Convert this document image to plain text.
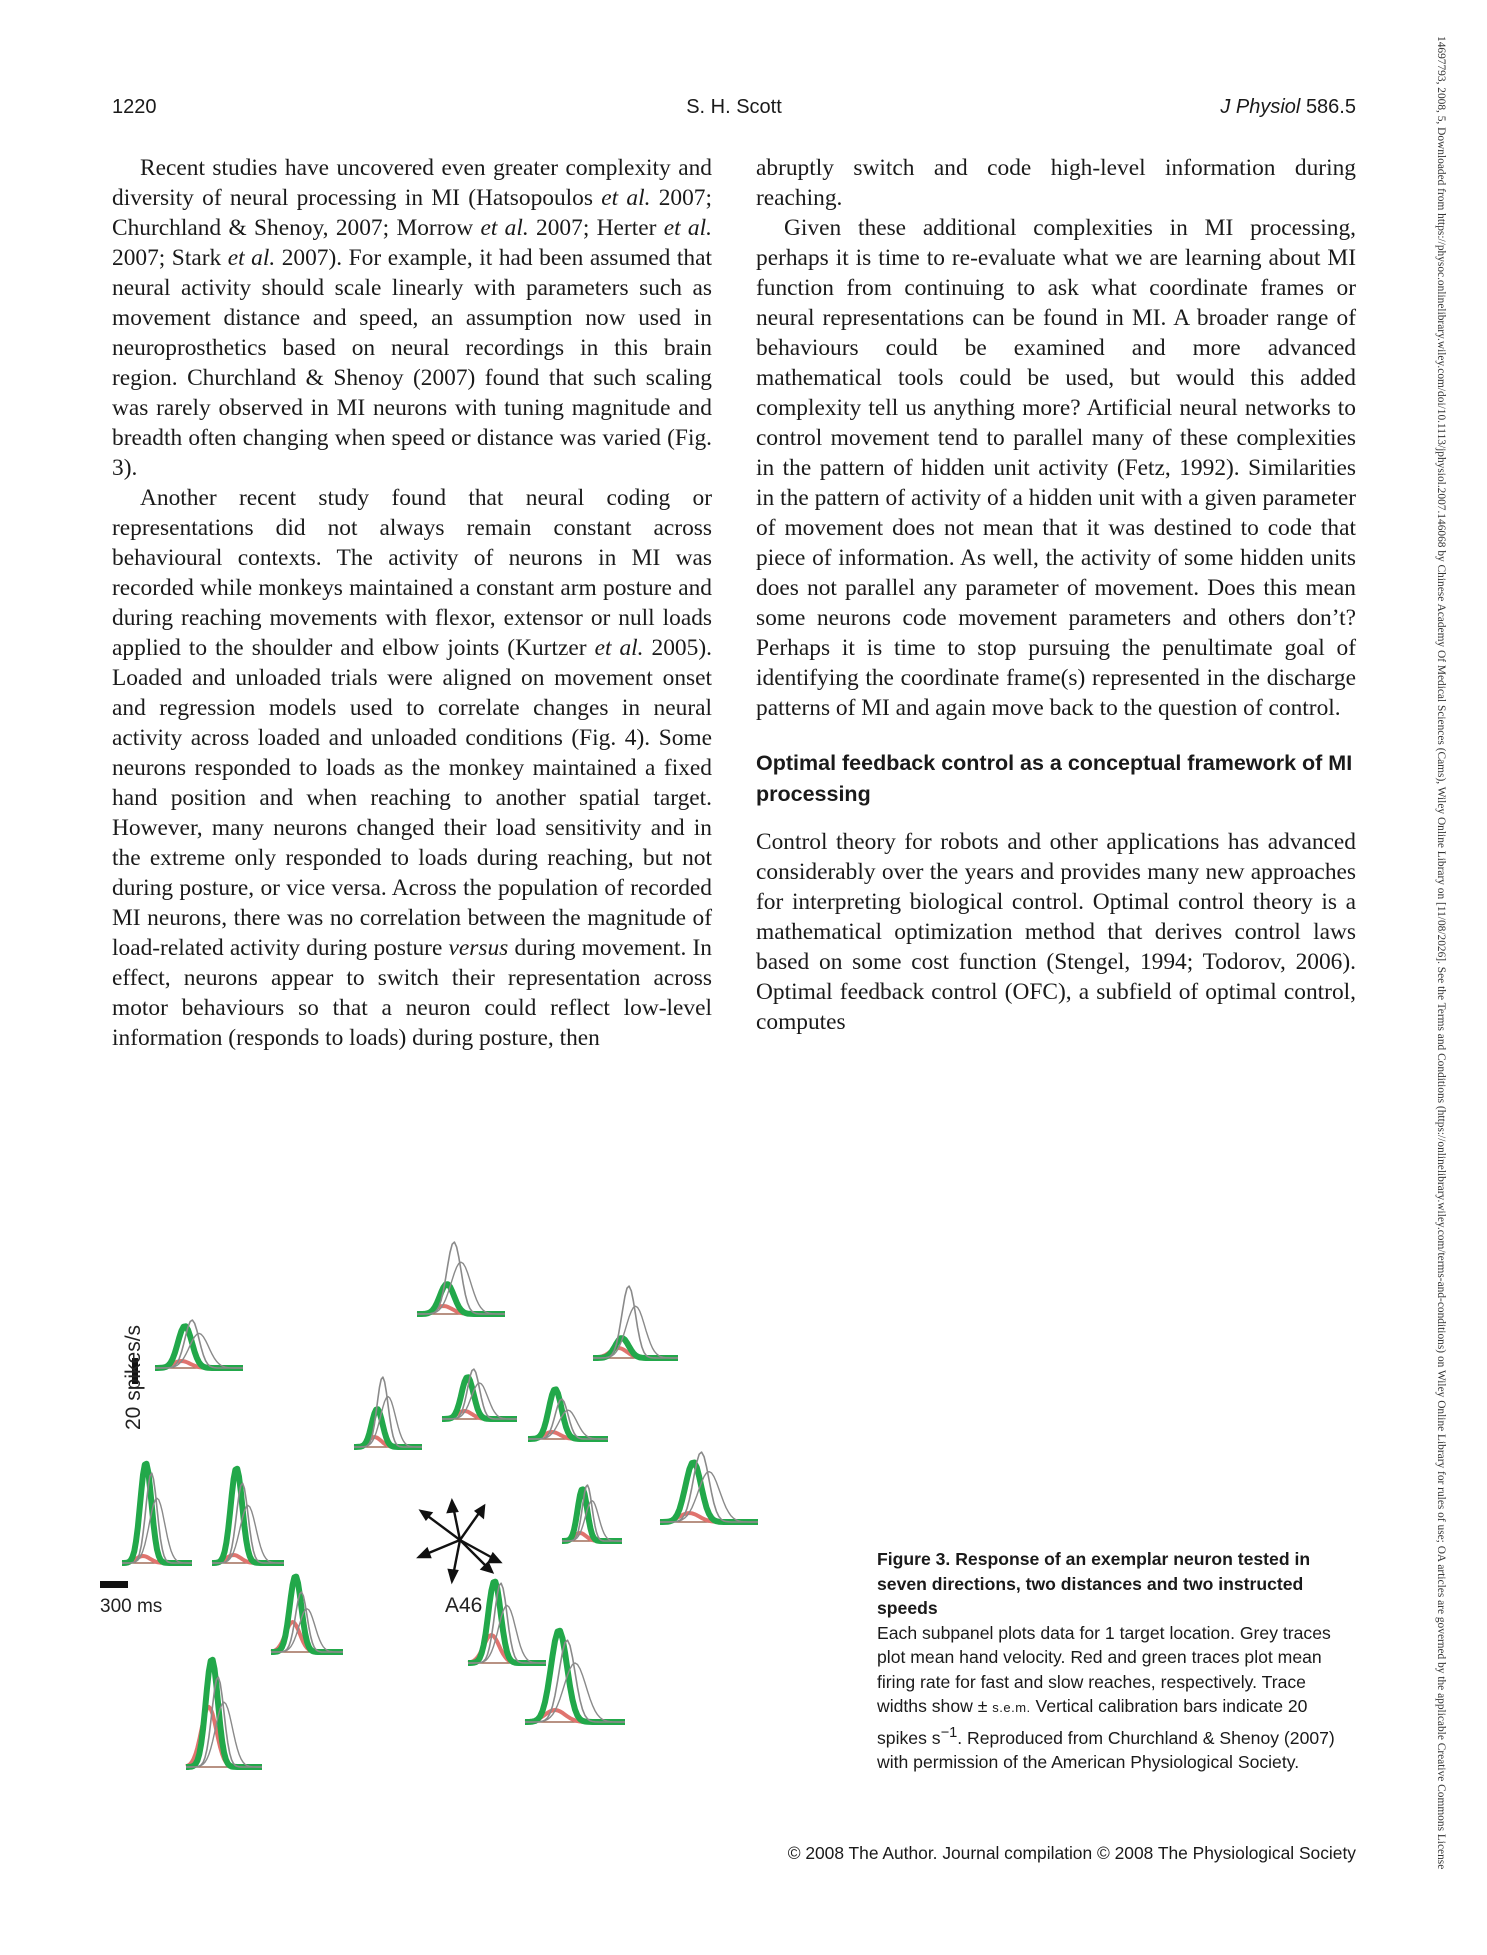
1220	S. H. Scott	J Physiol 586.5

Recent studies have uncovered even greater complexity and diversity of neural processing in MI (Hatsopoulos et al. 2007; Churchland & Shenoy, 2007; Morrow et al. 2007; Herter et al. 2007; Stark et al. 2007). For example, it had been assumed that neural activity should scale linearly with parameters such as movement distance and speed, an assumption now used in neuroprosthetics based on neural recordings in this brain region. Churchland & Shenoy (2007) found that such scaling was rarely observed in MI neurons with tuning magnitude and breadth often changing when speed or distance was varied (Fig. 3).

Another recent study found that neural coding or representations did not always remain constant across behavioural contexts. The activity of neurons in MI was recorded while monkeys maintained a constant arm posture and during reaching movements with flexor, extensor or null loads applied to the shoulder and elbow joints (Kurtzer et al. 2005). Loaded and unloaded trials were aligned on movement onset and regression models used to correlate changes in neural activity across loaded and unloaded conditions (Fig. 4). Some neurons responded to loads as the monkey maintained a fixed hand position and when reaching to another spatial target. However, many neurons changed their load sensitivity and in the extreme only responded to loads during reaching, but not during posture, or vice versa. Across the population of recorded MI neurons, there was no correlation between the magnitude of load-related activity during posture versus during movement. In effect, neurons appear to switch their representation across motor behaviours so that a neuron could reflect low-level information (responds to loads) during posture, then

abruptly switch and code high-level information during reaching.

Given these additional complexities in MI processing, perhaps it is time to re-evaluate what we are learning about MI function from continuing to ask what coordinate frames or neural representations can be found in MI. A broader range of behaviours could be examined and more advanced mathematical tools could be used, but would this added complexity tell us anything more? Artificial neural networks to control movement tend to parallel many of these complexities in the pattern of hidden unit activity (Fetz, 1992). Similarities in the pattern of activity of a hidden unit with a given parameter of movement does not mean that it was destined to code that piece of information. As well, the activity of some hidden units does not parallel any parameter of movement. Does this mean some neurons code movement parameters and others don’t? Perhaps it is time to stop pursuing the penultimate goal of identifying the coordinate frame(s) represented in the discharge patterns of MI and again move back to the question of control.

Optimal feedback control as a conceptual framework of MI processing

Control theory for robots and other applications has advanced considerably over the years and provides many new approaches for interpreting biological control. Optimal control theory is a mathematical optimization method that derives control laws based on some cost function (Stengel, 1994; Todorov, 2006). Optimal feedback control (OFC), a subfield of optimal control, computes

20 spikes/s
300 ms	A46

Figure 3. Response of an exemplar neuron tested in seven directions, two distances and two instructed speeds

Each subpanel plots data for 1 target location. Grey traces plot mean hand velocity. Red and green traces plot mean firing rate for fast and slow reaches, respectively. Trace widths show ± s.e.m. Vertical calibration bars indicate 20 spikes $s^{-1}$. Reproduced from Churchland & Shenoy (2007) with permission of the American Physiological Society.

© 2008 The Author. Journal compilation © 2008 The Physiological Society	14697793, 2008, 5, Downloaded from https://physoc.onlinelibrary.wiley.com/doi/10.1113/jphysiol.2007.146068 by Chinese Academy Of Medical Sciences (Cams), Wiley Online Library on [11/08/2026]. See the Terms and Conditions (https://onlinelibrary.wiley.com/terms-and-conditions) on Wiley Online Library for rules of use; OA articles are governed by the applicable Creative Commons License
